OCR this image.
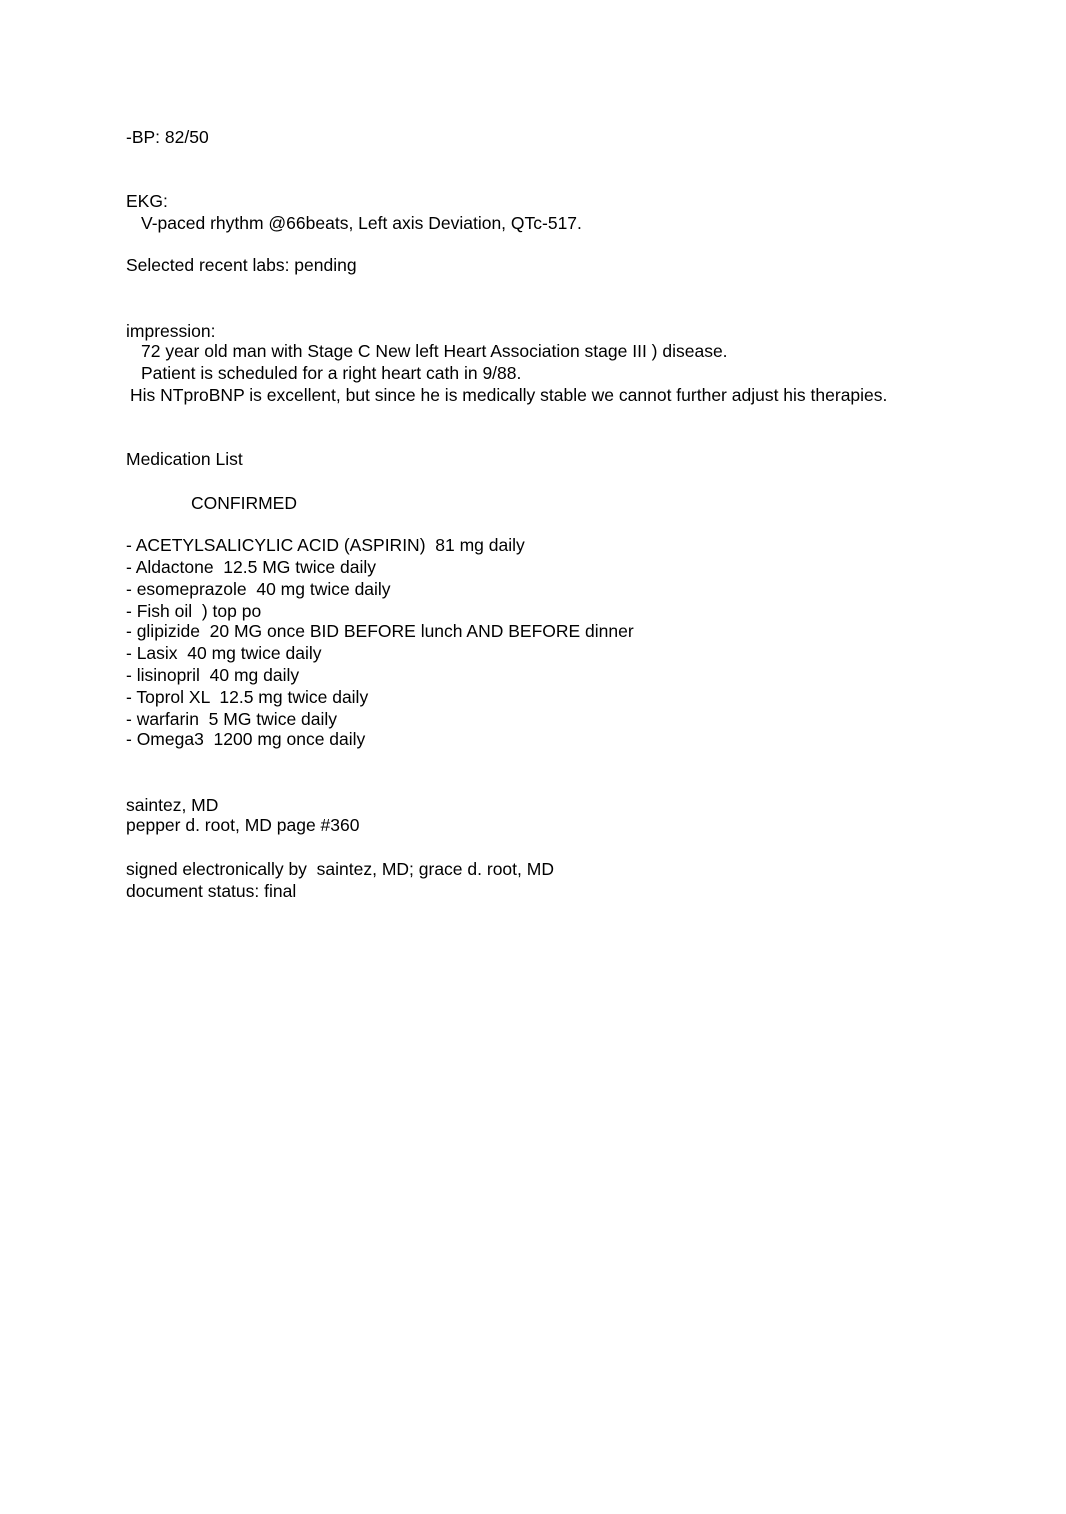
-BP: 82/50
EKG:
V-paced rhythm @66beats, Left axis Deviation, QTc-517.
Selected recent labs: pending
impression:
72 year old man with Stage C New left Heart Association stage III ) disease.
Patient is scheduled for a right heart cath in 9/88.
His NTproBNP is excellent, but since he is medically stable we cannot further adjust his therapies.
Medication List
CONFIRMED
- ACETYLSALICYLIC ACID (ASPIRIN)  81 mg daily
- Aldactone  12.5 MG twice daily
- esomeprazole  40 mg twice daily
- Fish oil  ) top po
- glipizide  20 MG once BID BEFORE lunch AND BEFORE dinner
- Lasix  40 mg twice daily
- lisinopril  40 mg daily
- Toprol XL  12.5 mg twice daily
- warfarin  5 MG twice daily
- Omega3  1200 mg once daily
saintez, MD
pepper d. root, MD page #360
signed electronically by  saintez, MD; grace d. root, MD
document status: final
